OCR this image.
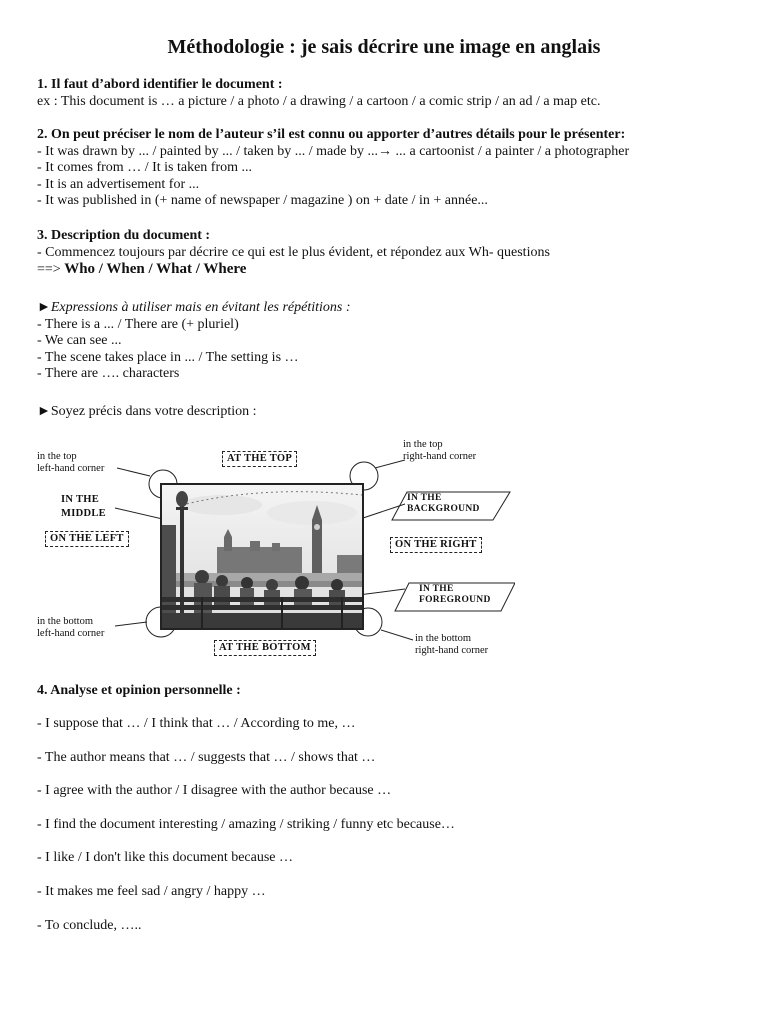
Méthodologie : je sais décrire une image en anglais
1. Il faut d’abord identifier le document :
ex : This document is … a picture / a photo / a drawing / a cartoon / a comic strip / an ad / a map etc.
2. On peut préciser le nom de l’auteur s’il est connu ou apporter d’autres détails pour le présenter:
- It was drawn by ... / painted by ... / taken by ... / made by ...→ ... a cartoonist / a painter / a photographer
- It comes from … / It is taken from ...
- It is an advertisement for ...
- It was published in (+ name of newspaper / magazine ) on + date / in + année...
3. Description du document :
- Commencez toujours par décrire ce qui est le plus évident, et répondez aux Wh- questions
==> Who / When / What / Where
►Expressions à utiliser mais en évitant les répétitions :
- There is a ... / There are (+ pluriel)
- We can see ...
- The scene takes place in ... / The setting is …
- There are …. characters
►Soyez précis dans votre description :
in the top
left-hand corner
AT THE TOP
in the top
right-hand corner
IN THE
MIDDLE
ON THE LEFT
IN THE
BACKGROUND
ON THE RIGHT
IN THE
FOREGROUND
in the bottom
left-hand corner
AT THE BOTTOM
in the bottom
right-hand corner
4. Analyse et opinion personnelle :
- I suppose that … / I think that … / According to me, …
- The author means that … / suggests that … / shows that …
- I agree with the author / I disagree with the author because …
- I find the document interesting / amazing / striking / funny etc because…
- I like / I don't like this document because …
- It makes me feel sad / angry / happy …
- To conclude, …..
